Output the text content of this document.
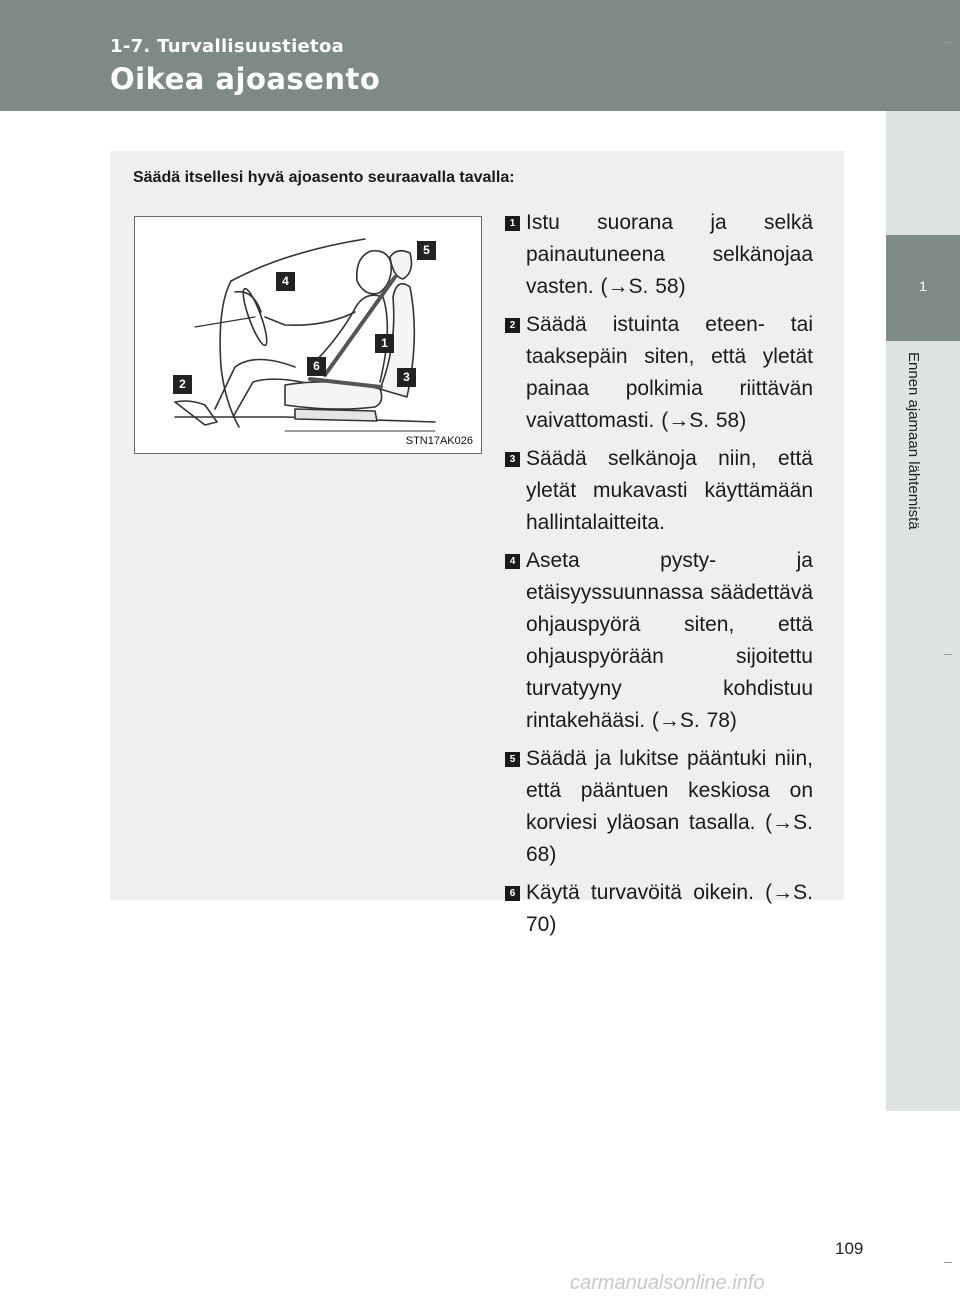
1-7. Turvallisuustietoa
Oikea ajoasento
1
Ennen ajamaan lähtemistä
Säädä itsellesi hyvä ajoasento seuraavalla tavalla:
5
4
1
6
3
2
STN17AK026
1 Istu suorana ja selkä painautuneena selkänojaa vasten. (→S. 58)
2 Säädä istuinta eteen- tai taaksepäin siten, että yletät painaa polkimia riittävän vaivattomasti. (→S. 58)
3 Säädä selkänoja niin, että yletät mukavasti käyttämään hallintalaitteita.
4 Aseta pysty- ja etäisyyssuunnassa säädettävä ohjauspyörä siten, että ohjauspyörään sijoitettu turvatyyny kohdistuu rintakehääsi. (→S. 78)
5 Säädä ja lukitse pääntuki niin, että pääntuen keskiosa on korviesi yläosan tasalla. (→S. 68)
6 Käytä turvavöitä oikein. (→S. 70)
109
carmanualsonline.info
